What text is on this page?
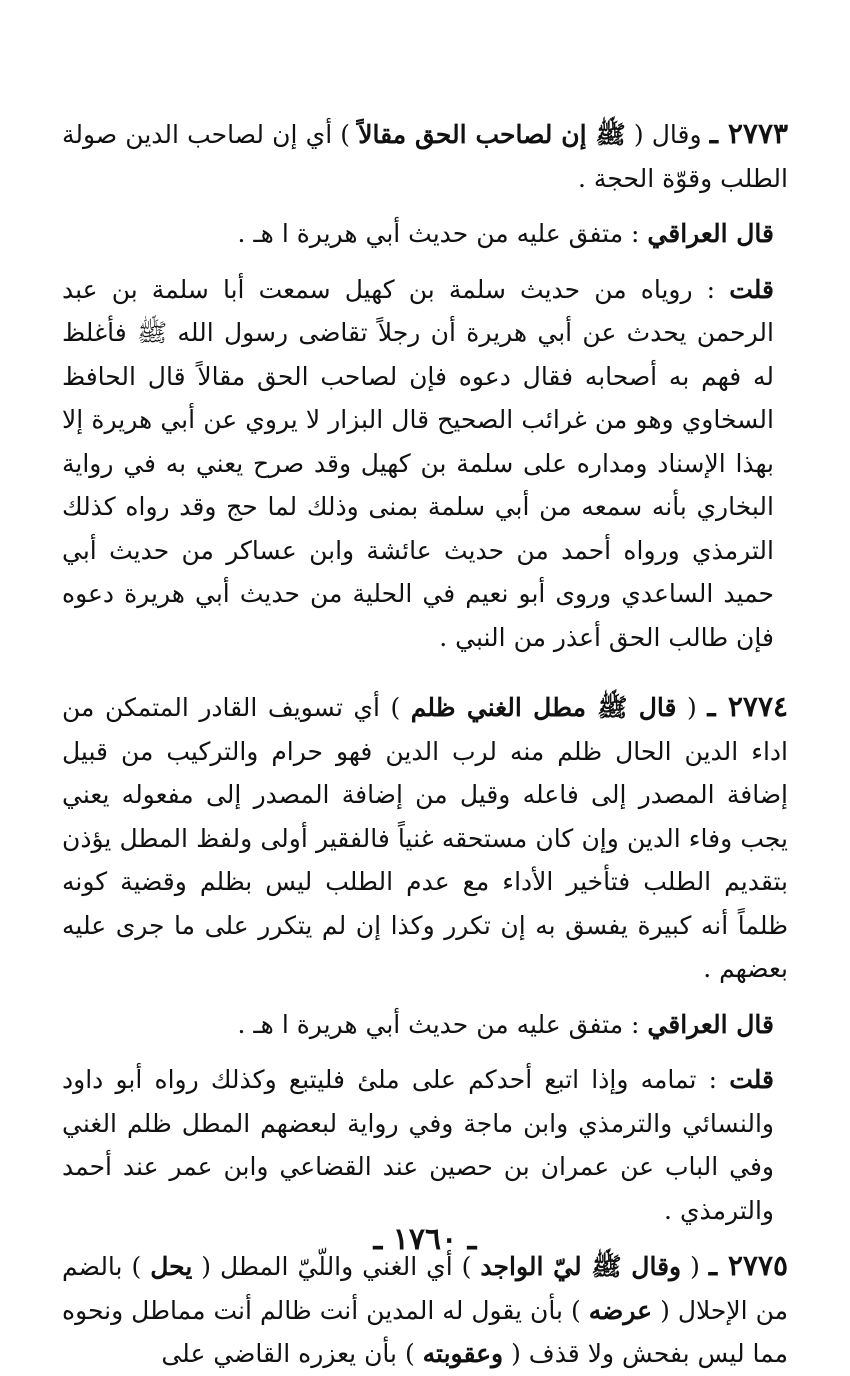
٢٧٧٣ ـ وقال ( ﷺ إن لصاحب الحق مقالاً ) أي إن لصاحب الدين صولة الطلب وقوّة الحجة .

قال العراقي : متفق عليه من حديث أبي هريرة ا هـ .

قلت : روياه من حديث سلمة بن كهيل سمعت أبا سلمة بن عبد الرحمن يحدث عن أبي هريرة أن رجلاً تقاضى رسول الله ﷺ فأغلظ له فهم به أصحابه فقال دعوه فإن لصاحب الحق مقالاً قال الحافظ السخاوي وهو من غرائب الصحيح قال البزار لا يروي عن أبي هريرة إلا بهذا الإسناد ومداره على سلمة بن كهيل وقد صرح يعني به في رواية البخاري بأنه سمعه من أبي سلمة بمنى وذلك لما حج وقد رواه كذلك الترمذي ورواه أحمد من حديث عائشة وابن عساكر من حديث أبي حميد الساعدي وروى أبو نعيم في الحلية من حديث أبي هريرة دعوه فإن طالب الحق أعذر من النبي .

٢٧٧٤ ـ ( قال ﷺ مطل الغني ظلم ) أي تسويف القادر المتمكن من اداء الدين الحال ظلم منه لرب الدين فهو حرام والتركيب من قبيل إضافة المصدر إلى فاعله وقيل من إضافة المصدر إلى مفعوله يعني يجب وفاء الدين وإن كان مستحقه غنياً فالفقير أولى ولفظ المطل يؤذن بتقديم الطلب فتأخير الأداء مع عدم الطلب ليس بظلم وقضية كونه ظلماً أنه كبيرة يفسق به إن تكرر وكذا إن لم يتكرر على ما جرى عليه بعضهم .

قال العراقي : متفق عليه من حديث أبي هريرة ا هـ .

قلت : تمامه وإذا اتبع أحدكم على ملئ فليتبع وكذلك رواه أبو داود والنسائي والترمذي وابن ماجة وفي رواية لبعضهم المطل ظلم الغني وفي الباب عن عمران بن حصين عند القضاعي وابن عمر عند أحمد والترمذي .

٢٧٧٥ ـ ( وقال ﷺ ليّ الواجد ) أي الغني واللّيّ المطل ( يحل ) بالضم من الإحلال ( عرضه ) بأن يقول له المدين أنت ظالم أنت مماطل ونحوه مما ليس بفحش ولا قذف ( وعقوبته ) بأن يعزره القاضي على

ـ ١٧٦٠ ـ
